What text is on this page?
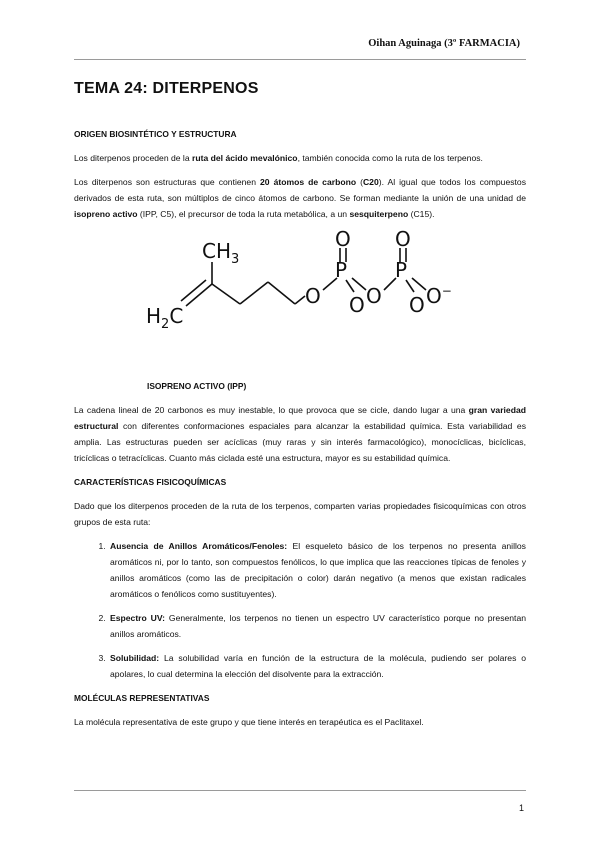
Oihan Aguinaga (3º FARMACIA)
TEMA 24: DITERPENOS
ORIGEN BIOSINTÉTICO Y ESTRUCTURA

Los diterpenos proceden de la ruta del ácido mevalónico, también conocida como la ruta de los terpenos.

Los diterpenos son estructuras que contienen 20 átomos de carbono (C20). Al igual que todos los compuestos derivados de esta ruta, son múltiplos de cinco átomos de carbono. Se forman mediante la unión de una unidad de isopreno activo (IPP, C5), el precursor de toda la ruta metabólica, a un sesquiterpeno (C15).

$CH_3$
$H_2C$
O
P
O
O O
P
O
O O−
ISOPRENO ACTIVO (IPP)

La cadena lineal de 20 carbonos es muy inestable, lo que provoca que se cicle, dando lugar a una gran variedad estructural con diferentes conformaciones espaciales para alcanzar la estabilidad química. Esta variabilidad es amplia. Las estructuras pueden ser acíclicas (muy raras y sin interés farmacológico), monocíclicas, bicíclicas, tricíclicas o tetracíclicas. Cuanto más ciclada esté una estructura, mayor es su estabilidad química.

CARACTERÍSTICAS FISICOQUÍMICAS

Dado que los diterpenos proceden de la ruta de los terpenos, comparten varias propiedades fisicoquímicas con otros grupos de esta ruta:

1. Ausencia de Anillos Aromáticos/Fenoles: El esqueleto básico de los terpenos no presenta anillos aromáticos ni, por lo tanto, son compuestos fenólicos, lo que implica que las reacciones típicas de fenoles y anillos aromáticos (como las de precipitación o color) darán negativo (a menos que existan radicales aromáticos o fenólicos como sustituyentes).
2. Espectro UV: Generalmente, los terpenos no tienen un espectro UV característico porque no presentan anillos aromáticos.
3. Solubilidad: La solubilidad varía en función de la estructura de la molécula, pudiendo ser polares o apolares, lo cual determina la elección del disolvente para la extracción.
MOLÉCULAS REPRESENTATIVAS

La molécula representativa de este grupo y que tiene interés en terapéutica es el Paclitaxel.

1
